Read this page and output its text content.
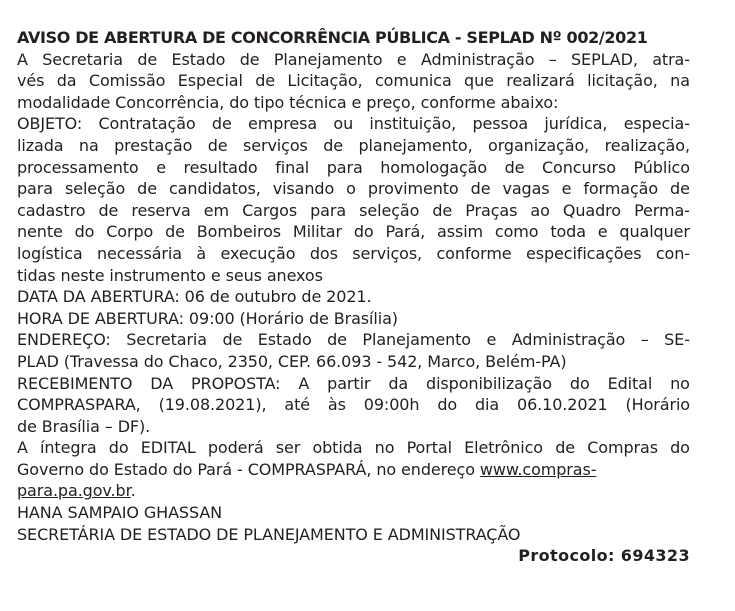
AVISO DE ABERTURA DE CONCORRÊNCIA PÚBLICA - SEPLAD Nº 002/2021
A Secretaria de Estado de Planejamento e Administração – SEPLAD, atra-
vés da Comissão Especial de Licitação, comunica que realizará licitação, na
modalidade Concorrência, do tipo técnica e preço, conforme abaixo:
OBJETO: Contratação de empresa ou instituição, pessoa jurídica, especia-
lizada na prestação de serviços de planejamento, organização, realização,
processamento e resultado final para homologação de Concurso Público
para seleção de candidatos, visando o provimento de vagas e formação de
cadastro de reserva em Cargos para seleção de Praças ao Quadro Perma-
nente do Corpo de Bombeiros Militar do Pará, assim como toda e qualquer
logística necessária à execução dos serviços, conforme especificações con-
tidas neste instrumento e seus anexos
DATA DA ABERTURA: 06 de outubro de 2021.
HORA DE ABERTURA: 09:00 (Horário de Brasília)
ENDEREÇO: Secretaria de Estado de Planejamento e Administração – SE-
PLAD (Travessa do Chaco, 2350, CEP. 66.093 - 542, Marco, Belém-PA)
RECEBIMENTO DA PROPOSTA: A partir da disponibilização do Edital no
COMPRASPARA, (19.08.2021), até às 09:00h do dia 06.10.2021 (Horário
de Brasília – DF).
A íntegra do EDITAL poderá ser obtida no Portal Eletrônico de Compras do
Governo do Estado do Pará - COMPRASPARÁ, no endereço www.compras-
para.pa.gov.br.
HANA SAMPAIO GHASSAN
SECRETÁRIA DE ESTADO DE PLANEJAMENTO E ADMINISTRAÇÃO
Protocolo: 694323
